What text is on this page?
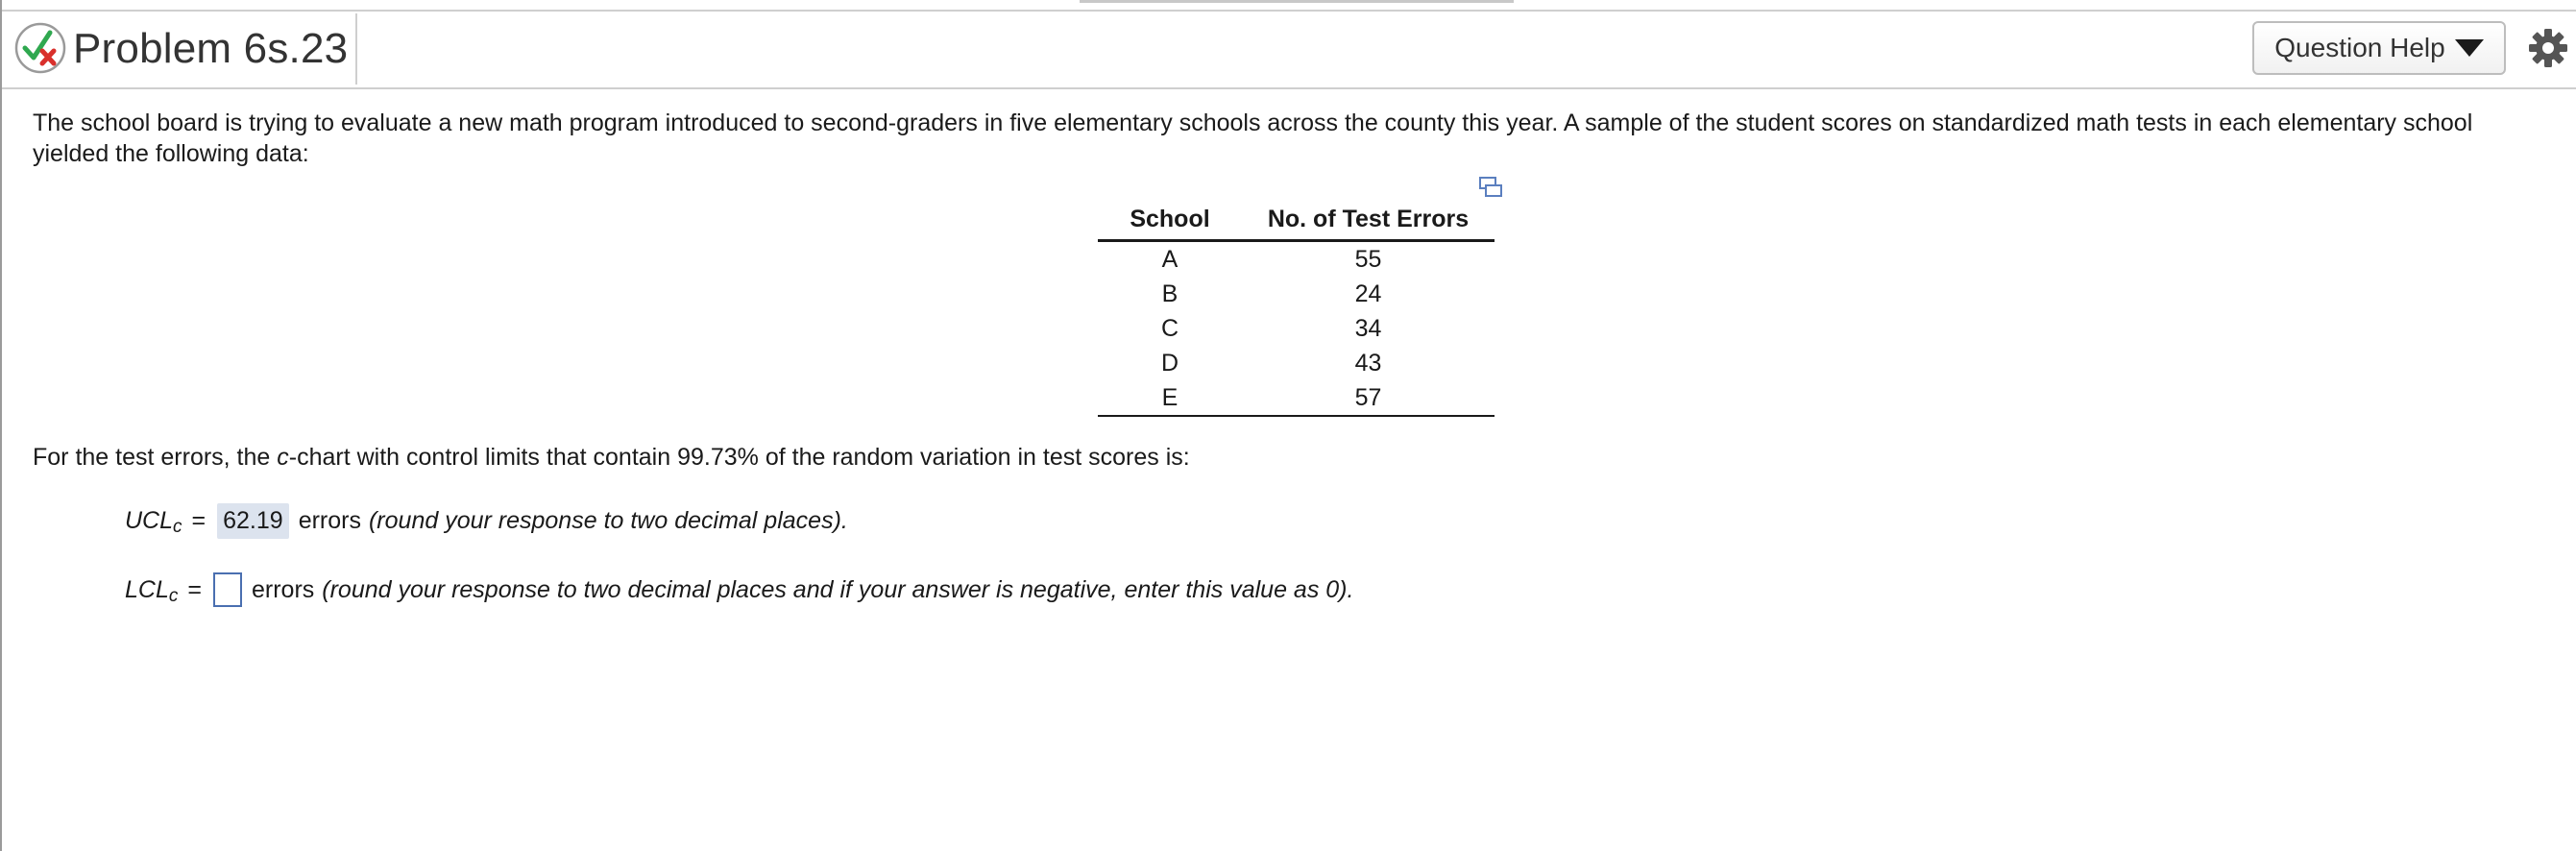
Problem 6s.23	Question Help
The school board is trying to evaluate a new math program introduced to second-graders in five elementary schools across the county this year. A sample of the student scores on standardized math tests in each elementary school yielded the following data:
School	No. of Test Errors
A	55
B	24
C	34
D	43
E	57
For the test errors, the c-chart with control limits that contain 99.73% of the random variation in test scores is:
$UCL_c = 62.19$ errors (round your response to two decimal places).
$LCL_c$ = errors (round your response to two decimal places and if your answer is negative, enter this value as 0).
